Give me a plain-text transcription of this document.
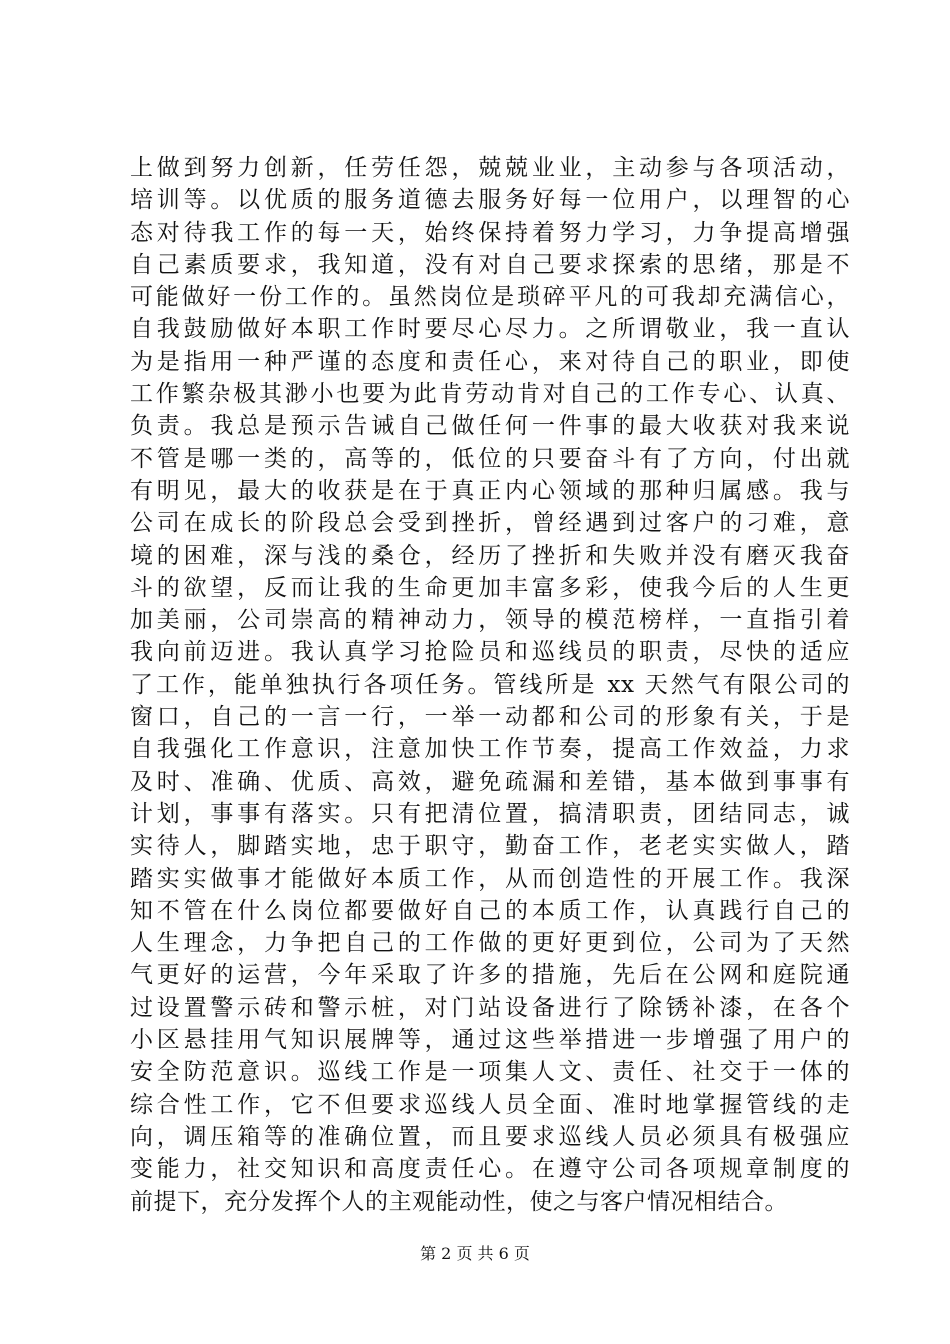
上做到努力创新，任劳任怨，兢兢业业，主动参与各项活动，
培训等。以优质的服务道德去服务好每一位用户，以理智的心
态对待我工作的每一天，始终保持着努力学习，力争提高增强
自己素质要求，我知道，没有对自己要求探索的思绪，那是不
可能做好一份工作的。虽然岗位是琐碎平凡的可我却充满信心，
自我鼓励做好本职工作时要尽心尽力。之所谓敬业，我一直认
为是指用一种严谨的态度和责任心，来对待自己的职业，即使
工作繁杂极其渺小也要为此肯劳动肯对自己的工作专心、认真、
负责。我总是预示告诫自己做任何一件事的最大收获对我来说
不管是哪一类的，高等的，低位的只要奋斗有了方向，付出就
有明见，最大的收获是在于真正内心领域的那种归属感。我与
公司在成长的阶段总会受到挫折，曾经遇到过客户的刁难，意
境的困难，深与浅的桑仓，经历了挫折和失败并没有磨灭我奋
斗的欲望，反而让我的生命更加丰富多彩，使我今后的人生更
加美丽，公司崇高的精神动力，领导的模范榜样，一直指引着
我向前迈进。我认真学习抢险员和巡线员的职责，尽快的适应
了工作，能单独执行各项任务。管线所是 xx 天然气有限公司的
窗口，自己的一言一行，一举一动都和公司的形象有关，于是
自我强化工作意识，注意加快工作节奏，提高工作效益，力求
及时、准确、优质、高效，避免疏漏和差错，基本做到事事有
计划，事事有落实。只有把清位置，搞清职责，团结同志，诚
实待人，脚踏实地，忠于职守，勤奋工作，老老实实做人，踏
踏实实做事才能做好本质工作，从而创造性的开展工作。我深
知不管在什么岗位都要做好自己的本质工作，认真践行自己的
人生理念，力争把自己的工作做的更好更到位，公司为了天然
气更好的运营，今年采取了许多的措施，先后在公网和庭院通
过设置警示砖和警示桩，对门站设备进行了除锈补漆，在各个
小区悬挂用气知识展牌等，通过这些举措进一步增强了用户的
安全防范意识。巡线工作是一项集人文、责任、社交于一体的
综合性工作，它不但要求巡线人员全面、准时地掌握管线的走
向，调压箱等的准确位置，而且要求巡线人员必须具有极强应
变能力，社交知识和高度责任心。在遵守公司各项规章制度的
前提下，充分发挥个人的主观能动性，使之与客户情况相结合。
第 2 页 共 6 页
